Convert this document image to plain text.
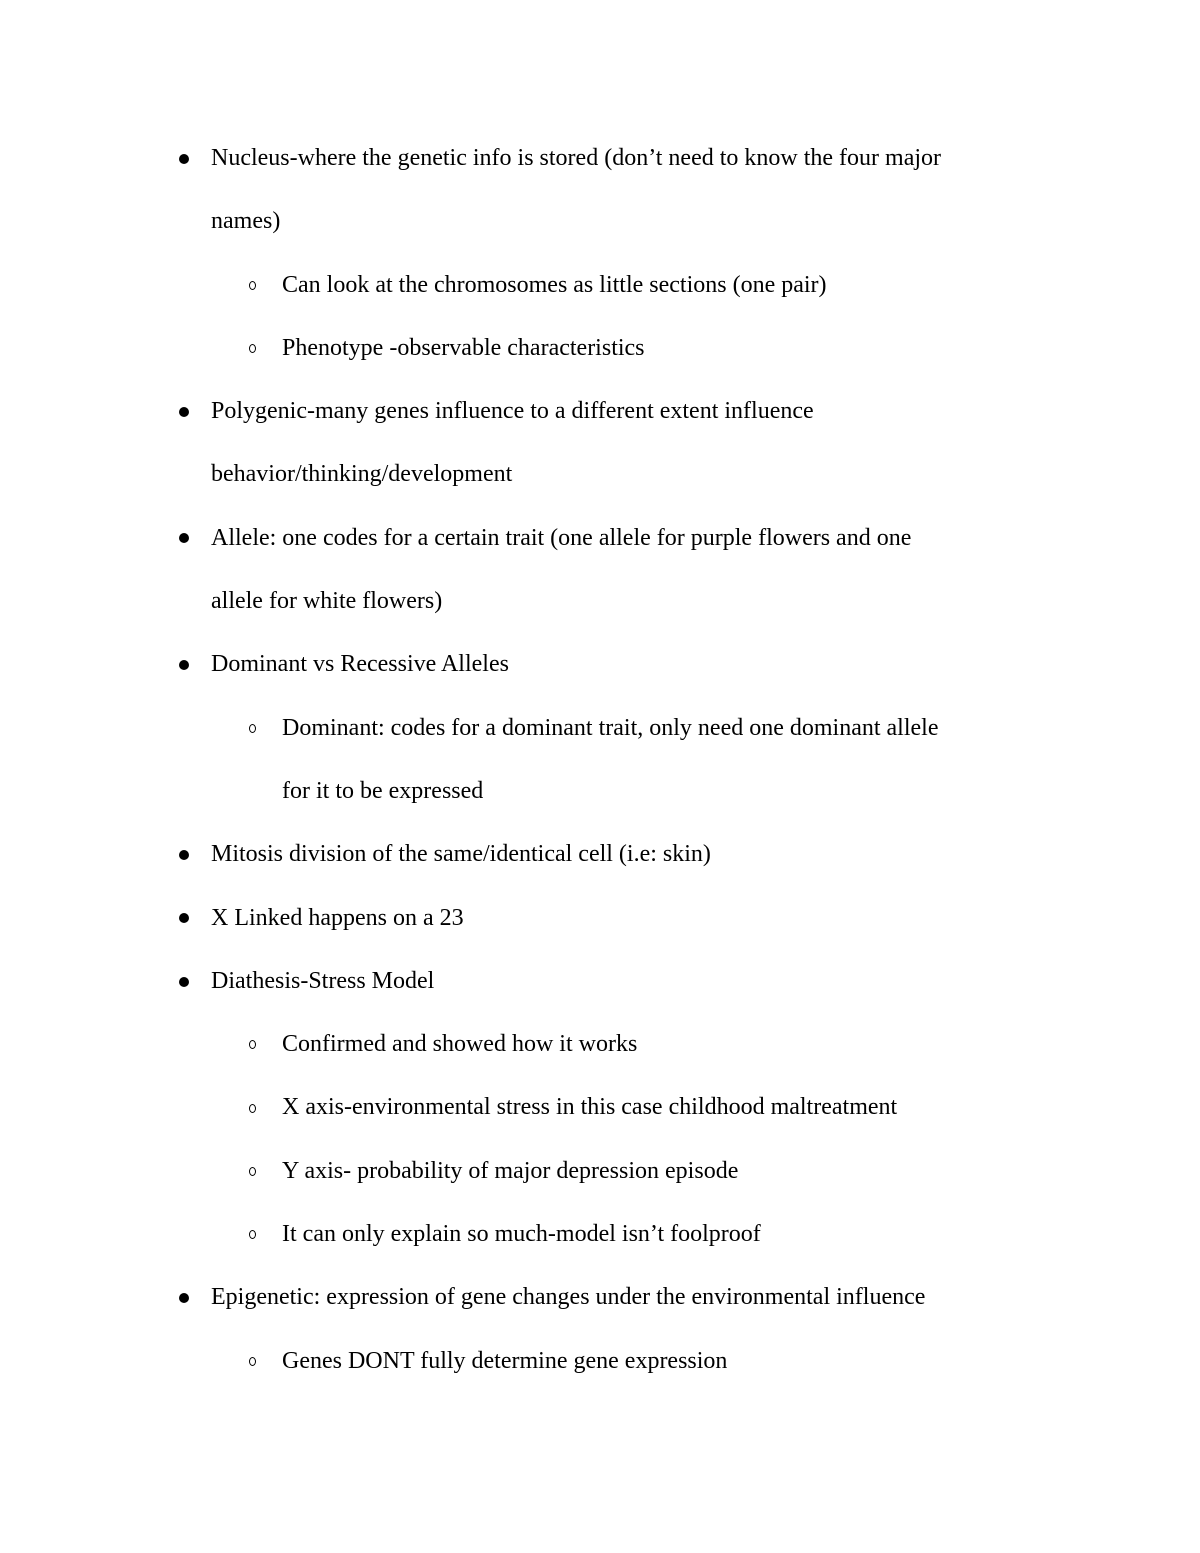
Nucleus-where the genetic info is stored (don’t need to know the four major
names)
Can look at the chromosomes as little sections (one pair)
Phenotype -observable characteristics
Polygenic-many genes influence to a different extent influence
behavior/thinking/development
Allele: one codes for a certain trait (one allele for purple flowers and one
allele for white flowers)
Dominant vs Recessive Alleles
Dominant: codes for a dominant trait, only need one dominant allele
for it to be expressed
Mitosis division of the same/identical cell (i.e: skin)
X Linked happens on a 23
Diathesis-Stress Model
Confirmed and showed how it works
X axis-environmental stress in this case childhood maltreatment
Y axis- probability of major depression episode
It can only explain so much-model isn’t foolproof
Epigenetic: expression of gene changes under the environmental influence
Genes DONT fully determine gene expression
